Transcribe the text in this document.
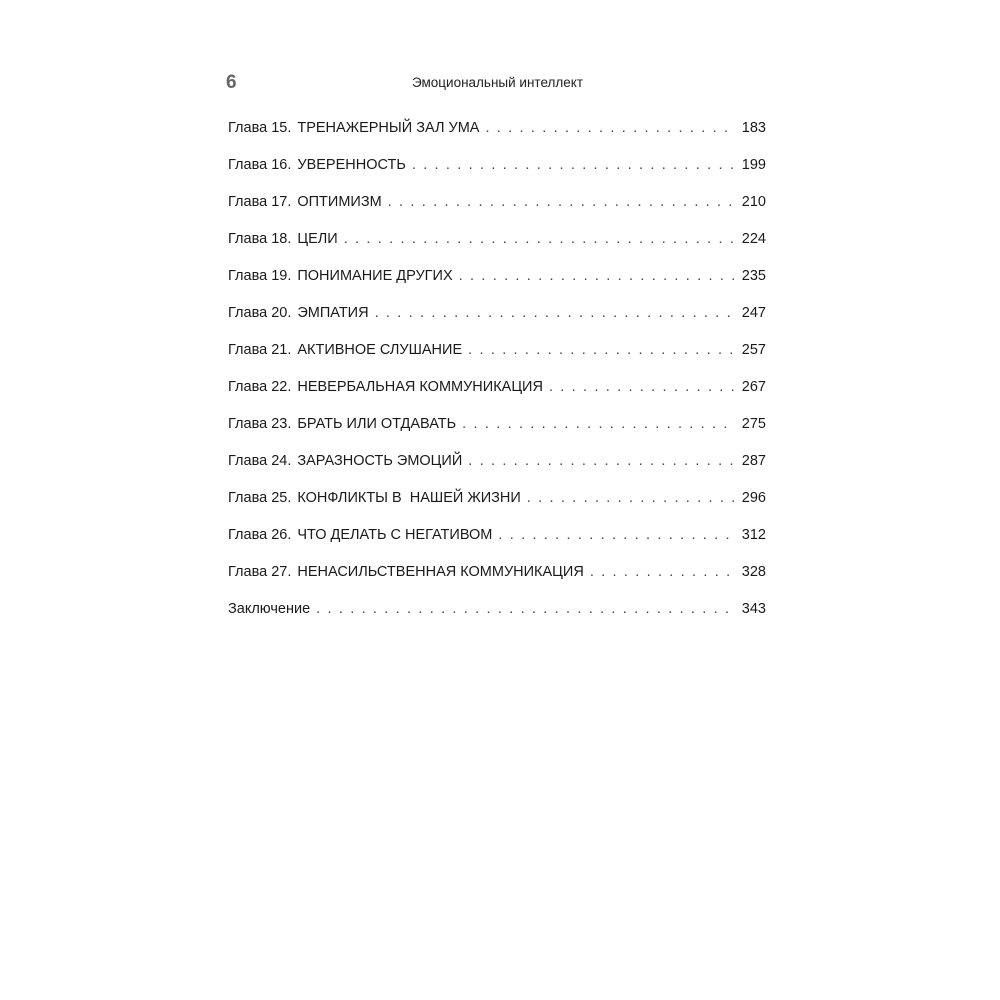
6	Эмоциональный интеллект
Глава 15. ТРЕНАЖЕРНЫЙ ЗАЛ УМА . . .	183
Глава 16. УВЕРЕННОСТЬ . . .	199
Глава 17. ОПТИМИЗМ . . .	210
Глава 18. ЦЕЛИ . . .	224
Глава 19. ПОНИМАНИЕ ДРУГИХ . . .	235
Глава 20. ЭМПАТИЯ . . .	247
Глава 21. АКТИВНОЕ СЛУШАНИЕ . . .	257
Глава 22. НЕВЕРБАЛЬНАЯ КОММУНИКАЦИЯ . . .	267
Глава 23. БРАТЬ ИЛИ ОТДАВАТЬ . . .	275
Глава 24. ЗАРАЗНОСТЬ ЭМОЦИЙ . . .	287
Глава 25. КОНФЛИКТЫ В  НАШЕЙ ЖИЗНИ . . .	296
Глава 26. ЧТО ДЕЛАТЬ С НЕГАТИВОМ . . .	312
Глава 27. НЕНАСИЛЬСТВЕННАЯ КОММУНИКАЦИЯ . . .	328
Заключение . . .	343
